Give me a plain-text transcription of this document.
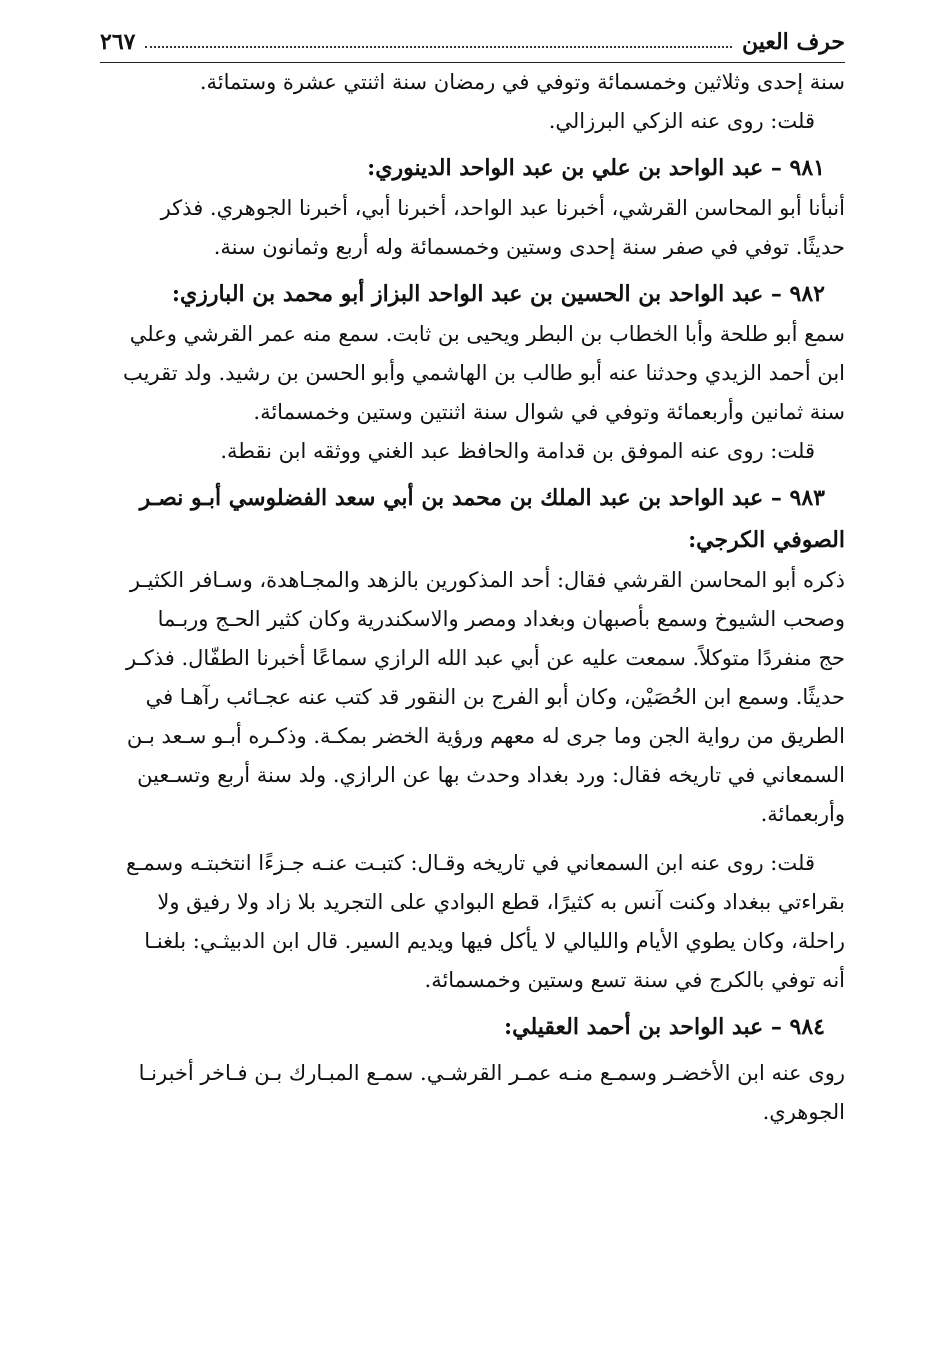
حرف العين
٢٦٧

سنة إحدى وثلاثين وخمسمائة وتوفي في رمضان سنة اثنتي عشرة وستمائة.

قلت: روى عنه الزكي البرزالي.

٩٨١ – عبد الواحد بن علي بن عبد الواحد الدينوري:

أنبأنا أبو المحاسن القرشي، أخبرنا عبد الواحد، أخبرنا أبي، أخبرنا الجوهري. فذكر

حديثًا. توفي في صفر سنة إحدى وستين وخمسمائة وله أربع وثمانون سنة.

٩٨٢ – عبد الواحد بن الحسين بن عبد الواحد البزاز أبو محمد بن البارزي:

سمع أبو طلحة وأبا الخطاب بن البطر ويحيى بن ثابت. سمع منه عمر القرشي وعلي

ابن أحمد الزيدي وحدثنا عنه أبو طالب بن الهاشمي وأبو الحسن بن رشيد. ولد تقريب

سنة ثمانين وأربعمائة وتوفي في شوال سنة اثنتين وستين وخمسمائة.

قلت: روى عنه الموفق بن قدامة والحافظ عبد الغني ووثقه ابن نقطة.

٩٨٣ – عبد الواحد بن عبد الملك بن محمد بن أبي سعد الفضلوسي أبـو نصـر

الصوفي الكرجي:

ذكره أبو المحاسن القرشي فقال: أحد المذكورين بالزهد والمجـاهدة، وسـافر الكثيـر

وصحب الشيوخ وسمع بأصبهان وبغداد ومصر والاسكندرية وكان كثير الحـج وربـما

حج منفردًا متوكلاً. سمعت عليه عن أبي عبد الله الرازي سماعًا أخبرنا الطفّال. فذكـر

حديثًا. وسمع ابن الحُصَيْن، وكان أبو الفرج بن النقور قد كتب عنه عجـائب رآهـا في

الطريق من رواية الجن وما جرى له معهم ورؤية الخضر بمكـة. وذكـره أبـو سـعد بـن

السمعاني في تاريخه فقال: ورد بغداد وحدث بها عن الرازي. ولد سنة أربع وتسـعين

وأربعمائة.

قلت: روى عنه ابن السمعاني في تاريخه وقـال: كتبـت عنـه جـزءًا انتخبتـه وسمـع

بقراءتي ببغداد وكنت آنس به كثيرًا، قطع البوادي على التجريد بلا زاد ولا رفيق ولا

راحلة، وكان يطوي الأيام والليالي لا يأكل فيها ويديم السير. قال ابن الدبيثـي: بلغنـا

أنه توفي بالكرج في سنة تسع وستين وخمسمائة.

٩٨٤ – عبد الواحد بن أحمد العقيلي:

روى عنه ابن الأخضـر وسمـع منـه عمـر القرشـي. سمـع المبـارك بـن فـاخر أخبرنـا

الجوهري.
